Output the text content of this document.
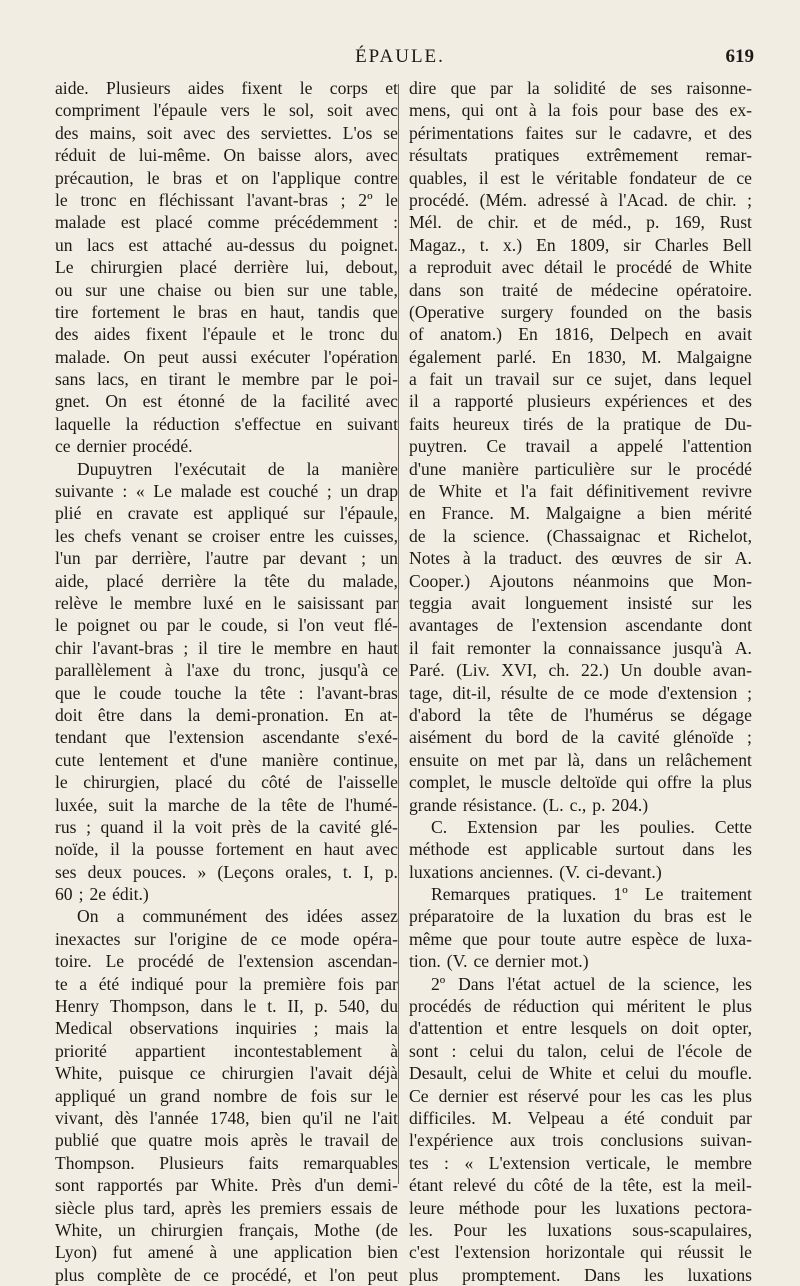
ÉPAULE.	619
aide. Plusieurs aides fixent le corps et
compriment l'épaule vers le sol, soit avec
des mains, soit avec des serviettes. L'os se
réduit de lui-même. On baisse alors, avec
précaution, le bras et on l'applique contre
le tronc en fléchissant l'avant-bras ; 2º le
malade est placé comme précédemment :
un lacs est attaché au-dessus du poignet.
Le chirurgien placé derrière lui, debout,
ou sur une chaise ou bien sur une table,
tire fortement le bras en haut, tandis que
des aides fixent l'épaule et le tronc du
malade. On peut aussi exécuter l'opération
sans lacs, en tirant le membre par le poi-
gnet. On est étonné de la facilité avec
laquelle la réduction s'effectue en suivant
ce dernier procédé.
Dupuytren l'exécutait de la manière
suivante : « Le malade est couché ; un drap
plié en cravate est appliqué sur l'épaule,
les chefs venant se croiser entre les cuisses,
l'un par derrière, l'autre par devant ; un
aide, placé derrière la tête du malade,
relève le membre luxé en le saisissant par
le poignet ou par le coude, si l'on veut flé-
chir l'avant-bras ; il tire le membre en haut
parallèlement à l'axe du tronc, jusqu'à ce
que le coude touche la tête : l'avant-bras
doit être dans la demi-pronation. En at-
tendant que l'extension ascendante s'exé-
cute lentement et d'une manière continue,
le chirurgien, placé du côté de l'aisselle
luxée, suit la marche de la tête de l'humé-
rus ; quand il la voit près de la cavité glé-
noïde, il la pousse fortement en haut avec
ses deux pouces. » (Leçons orales, t. I, p.
60 ; 2e édit.)
On a communément des idées assez
inexactes sur l'origine de ce mode opéra-
toire. Le procédé de l'extension ascendan-
te a été indiqué pour la première fois par
Henry Thompson, dans le t. II, p. 540, du
Medical observations inquiries ; mais la
priorité appartient incontestablement à
White, puisque ce chirurgien l'avait déjà
appliqué un grand nombre de fois sur le
vivant, dès l'année 1748, bien qu'il ne l'ait
publié que quatre mois après le travail de
Thompson. Plusieurs faits remarquables
sont rapportés par White. Près d'un demi-
siècle plus tard, après les premiers essais de
White, un chirurgien français, Mothe (de
Lyon) fut amené à une application bien
plus complète de ce procédé, et l'on peut
dire que par la solidité de ses raisonne-
mens, qui ont à la fois pour base des ex-
périmentations faites sur le cadavre, et des
résultats pratiques extrêmement remar-
quables, il est le véritable fondateur de ce
procédé. (Mém. adressé à l'Acad. de chir. ;
Mél. de chir. et de méd., p. 169, Rust
Magaz., t. x.) En 1809, sir Charles Bell
a reproduit avec détail le procédé de White
dans son traité de médecine opératoire.
(Operative surgery founded on the basis
of anatom.) En 1816, Delpech en avait
également parlé. En 1830, M. Malgaigne
a fait un travail sur ce sujet, dans lequel
il a rapporté plusieurs expériences et des
faits heureux tirés de la pratique de Du-
puytren. Ce travail a appelé l'attention
d'une manière particulière sur le procédé
de White et l'a fait définitivement revivre
en France. M. Malgaigne a bien mérité
de la science. (Chassaignac et Richelot,
Notes à la traduct. des œuvres de sir A.
Cooper.) Ajoutons néanmoins que Mon-
teggia avait longuement insisté sur les
avantages de l'extension ascendante dont
il fait remonter la connaissance jusqu'à A.
Paré. (Liv. XVI, ch. 22.) Un double avan-
tage, dit-il, résulte de ce mode d'extension ;
d'abord la tête de l'humérus se dégage
aisément du bord de la cavité glénoïde ;
ensuite on met par là, dans un relâchement
complet, le muscle deltoïde qui offre la plus
grande résistance. (L. c., p. 204.)
C. Extension par les poulies. Cette
méthode est applicable surtout dans les
luxations anciennes. (V. ci-devant.)
Remarques pratiques. 1º Le traitement
préparatoire de la luxation du bras est le
même que pour toute autre espèce de luxa-
tion. (V. ce dernier mot.)
2º Dans l'état actuel de la science, les
procédés de réduction qui méritent le plus
d'attention et entre lesquels on doit opter,
sont : celui du talon, celui de l'école de
Desault, celui de White et celui du moufle.
Ce dernier est réservé pour les cas les plus
difficiles. M. Velpeau a été conduit par
l'expérience aux trois conclusions suivan-
tes : « L'extension verticale, le membre
étant relevé du côté de la tête, est la meil-
leure méthode pour les luxations pectora-
les. Pour les luxations sous-scapulaires,
c'est l'extension horizontale qui réussit le
plus promptement. Dans les luxations
